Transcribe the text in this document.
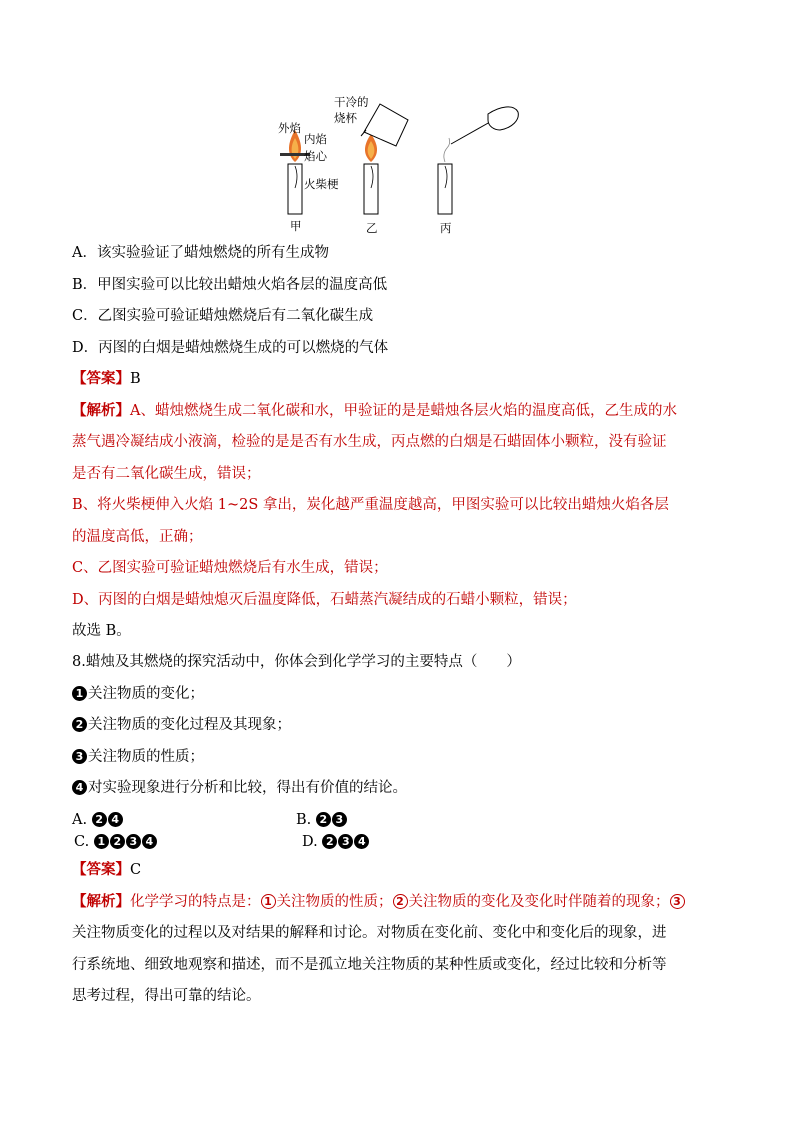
外焰
内焰
焰心
火柴梗
干冷的
烧杯
甲	乙	丙
A．该实验验证了蜡烛燃烧的所有生成物
B．甲图实验可以比较出蜡烛火焰各层的温度高低
C．乙图实验可验证蜡烛燃烧后有二氧化碳生成
D．丙图的白烟是蜡烛燃烧生成的可以燃烧的气体
【答案】B
【解析】A、蜡烛燃烧生成二氧化碳和水，甲验证的是是蜡烛各层火焰的温度高低，乙生成的水
蒸气遇冷凝结成小液滴，检验的是是否有水生成，丙点燃的白烟是石蜡固体小颗粒，没有验证
是否有二氧化碳生成，错误；
B、将火柴梗伸入火焰 1~2S 拿出，炭化越严重温度越高，甲图实验可以比较出蜡烛火焰各层
的温度高低，正确；
C、乙图实验可验证蜡烛燃烧后有水生成，错误；
D、丙图的白烟是蜡烛熄灭后温度降低，石蜡蒸汽凝结成的石蜡小颗粒，错误；
故选 B。
8.蜡烛及其燃烧的探究活动中，你体会到化学学习的主要特点（　　）
1 关注物质的变化；
2 关注物质的变化过程及其现象；
3 关注物质的性质；
4 对实验现象进行分析和比较，得出有价值的结论。
A. 2 4	B. 2 3
C. 1 2 3 4	D. 2 3 4
【答案】C
【解析】化学学习的特点是： 1 关注物质的性质； 2 关注物质的变化及变化时伴随着的现象； 3
关注物质变化的过程以及对结果的解释和讨论。对物质在变化前、变化中和变化后的现象，进
行系统地、细致地观察和描述，而不是孤立地关注物质的某种性质或变化，经过比较和分析等
思考过程，得出可靠的结论。
